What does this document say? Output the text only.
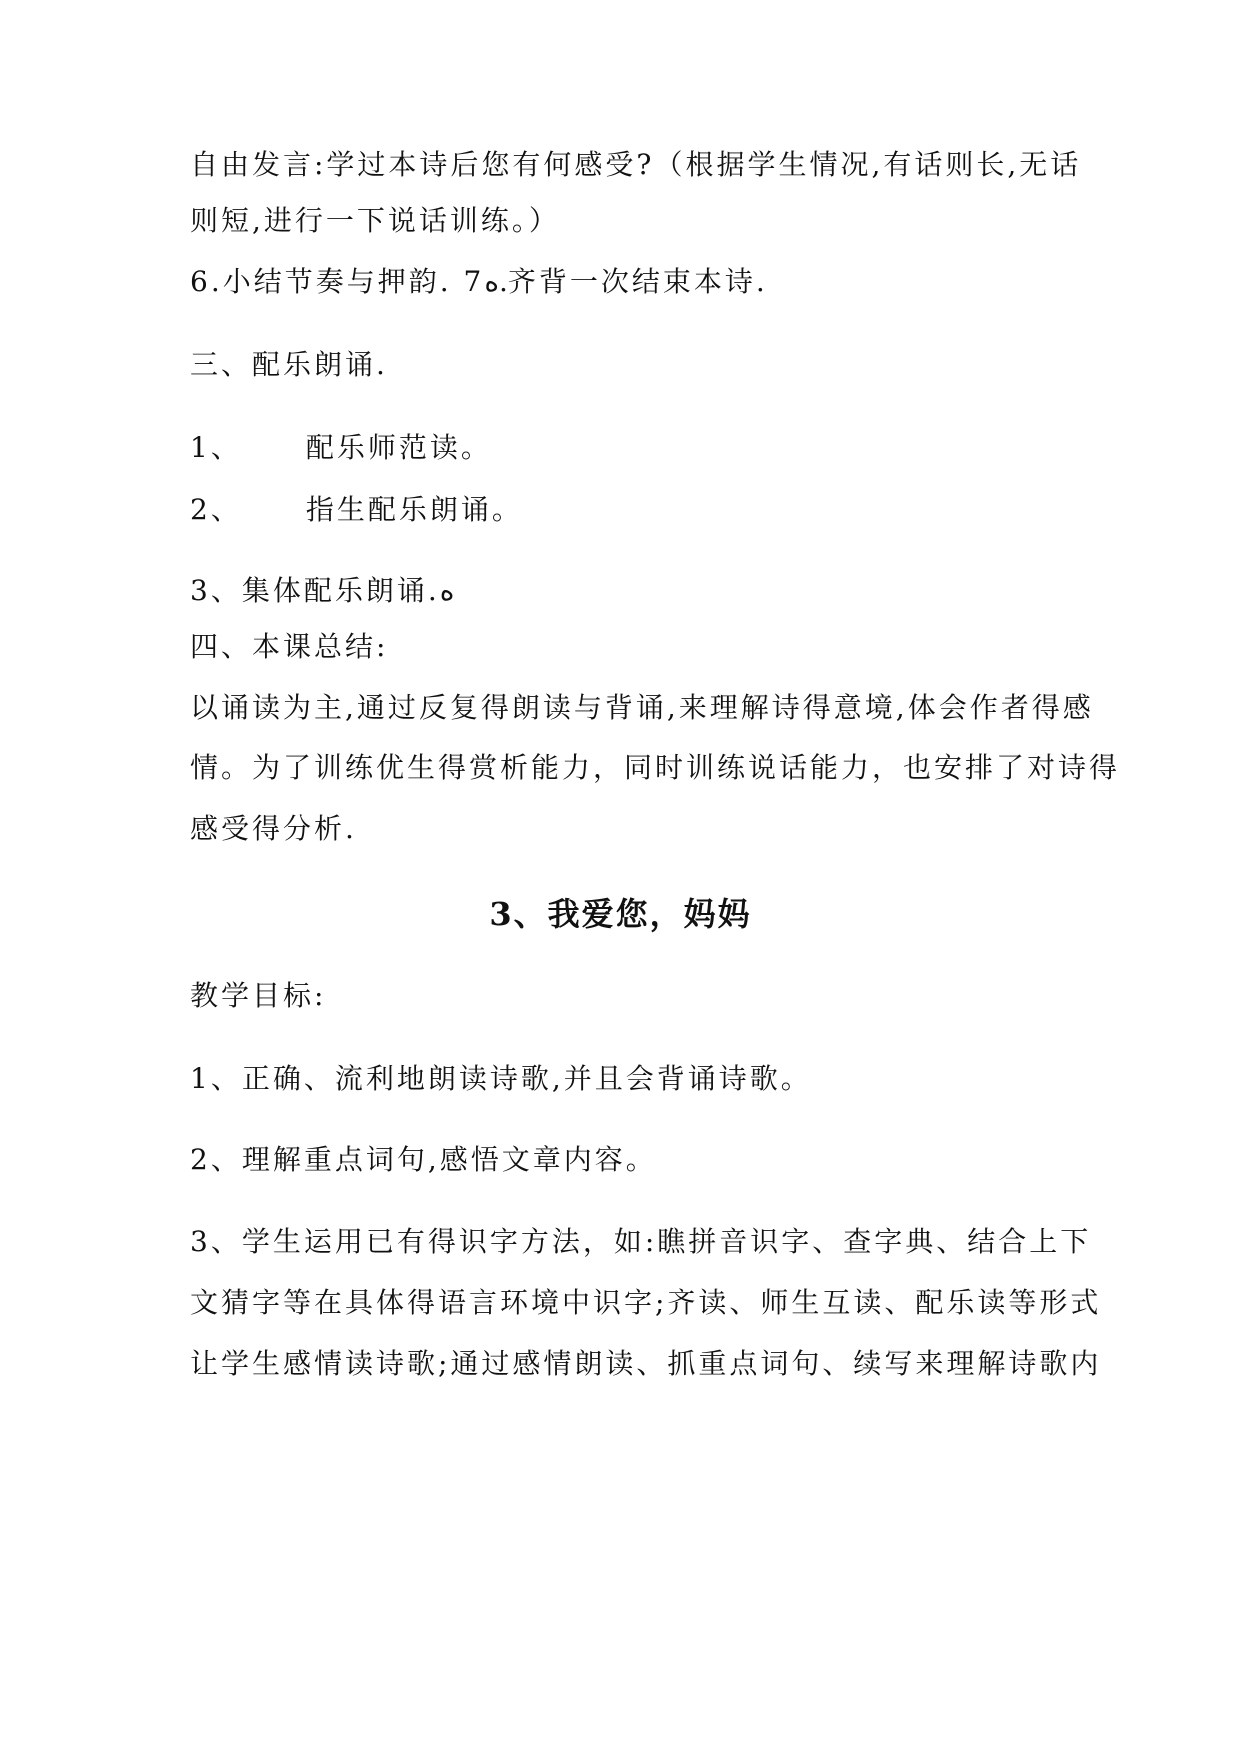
自由发言:学过本诗后您有何感受?（根据学生情况,有话则长,无话
则短,进行一下说话训练。）
6.小结节奏与押韵. 7ﻩ.齐背一次结束本诗.
三、配乐朗诵.
1、 配乐师范读。
2、 指生配乐朗诵。
3、集体配乐朗诵.ﻩ
四、本课总结:
以诵读为主,通过反复得朗读与背诵,来理解诗得意境,体会作者得感
情。为了训练优生得赏析能力，同时训练说话能力，也安排了对诗得
感受得分析.
3、我爱您，妈妈
教学目标:
1、正确、流利地朗读诗歌,并且会背诵诗歌。
2、理解重点词句,感悟文章内容。
3、学生运用已有得识字方法，如:瞧拼音识字、查字典、结合上下
文猜字等在具体得语言环境中识字;齐读、师生互读、配乐读等形式
让学生感情读诗歌;通过感情朗读、抓重点词句、续写来理解诗歌内
